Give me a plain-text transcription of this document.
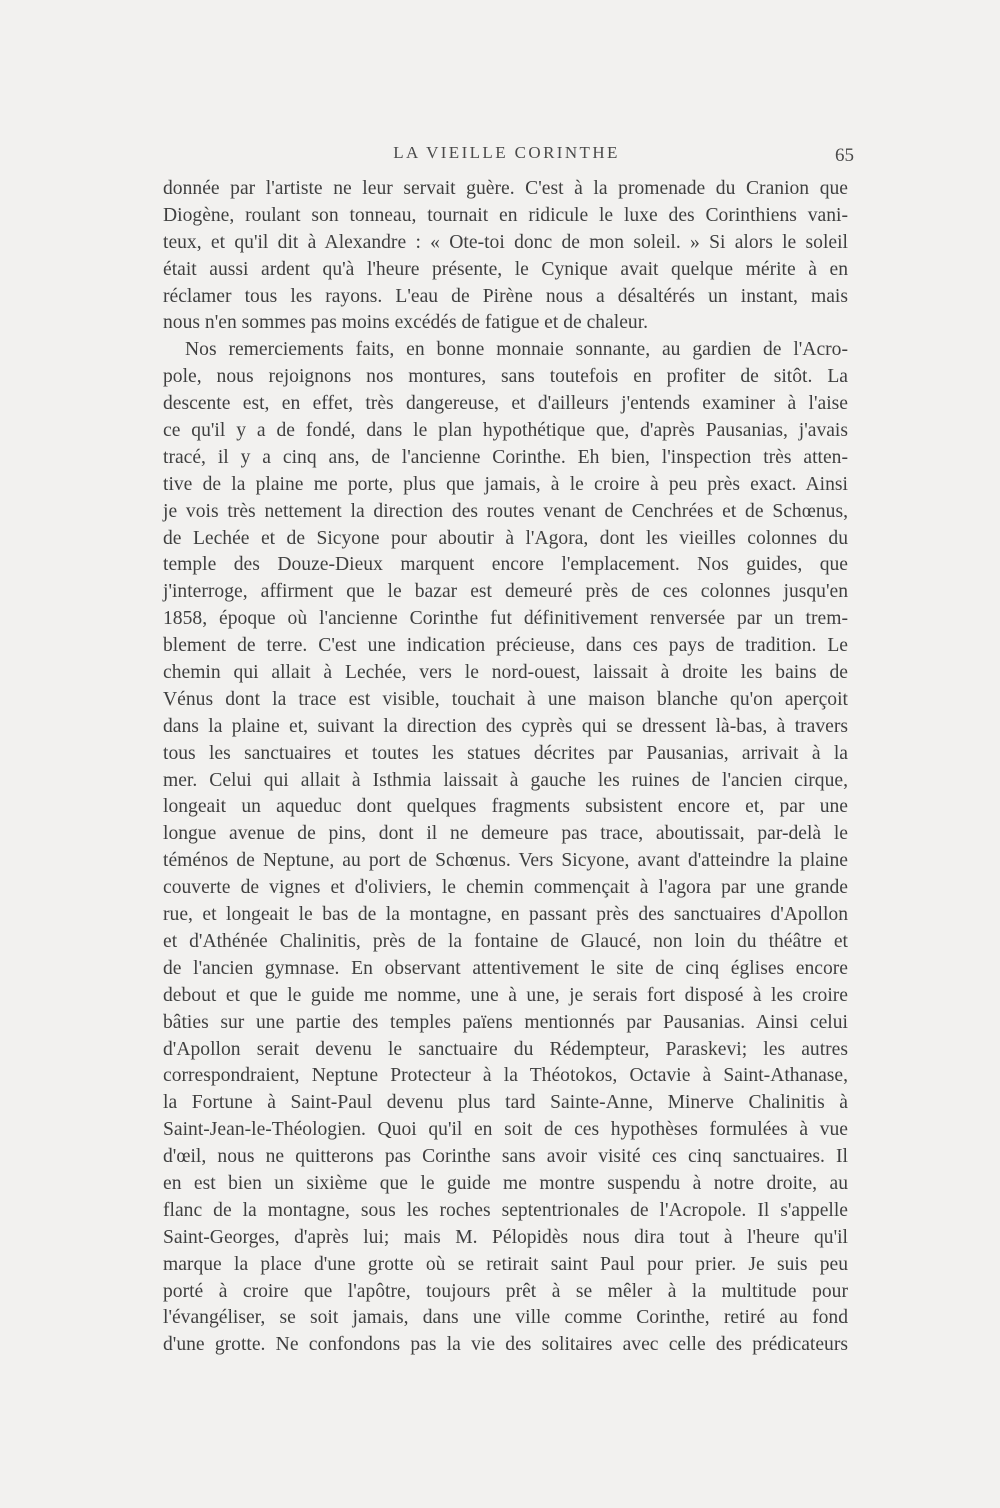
LA VIEILLE CORINTHE	65
donnée par l'artiste ne leur servait guère. C'est à la promenade du Cranion que
Diogène, roulant son tonneau, tournait en ridicule le luxe des Corinthiens vani-
teux, et qu'il dit à Alexandre : « Ote-toi donc de mon soleil. » Si alors le soleil
était aussi ardent qu'à l'heure présente, le Cynique avait quelque mérite à en
réclamer tous les rayons. L'eau de Pirène nous a désaltérés un instant, mais
nous n'en sommes pas moins excédés de fatigue et de chaleur.
Nos remerciements faits, en bonne monnaie sonnante, au gardien de l'Acro-
pole, nous rejoignons nos montures, sans toutefois en profiter de sitôt. La
descente est, en effet, très dangereuse, et d'ailleurs j'entends examiner à l'aise
ce qu'il y a de fondé, dans le plan hypothétique que, d'après Pausanias, j'avais
tracé, il y a cinq ans, de l'ancienne Corinthe. Eh bien, l'inspection très atten-
tive de la plaine me porte, plus que jamais, à le croire à peu près exact. Ainsi
je vois très nettement la direction des routes venant de Cenchrées et de Schœnus,
de Lechée et de Sicyone pour aboutir à l'Agora, dont les vieilles colonnes du
temple des Douze-Dieux marquent encore l'emplacement. Nos guides, que
j'interroge, affirment que le bazar est demeuré près de ces colonnes jusqu'en
1858, époque où l'ancienne Corinthe fut définitivement renversée par un trem-
blement de terre. C'est une indication précieuse, dans ces pays de tradition. Le
chemin qui allait à Lechée, vers le nord-ouest, laissait à droite les bains de
Vénus dont la trace est visible, touchait à une maison blanche qu'on aperçoit
dans la plaine et, suivant la direction des cyprès qui se dressent là-bas, à travers
tous les sanctuaires et toutes les statues décrites par Pausanias, arrivait à la
mer. Celui qui allait à Isthmia laissait à gauche les ruines de l'ancien cirque,
longeait un aqueduc dont quelques fragments subsistent encore et, par une
longue avenue de pins, dont il ne demeure pas trace, aboutissait, par-delà le
téménos de Neptune, au port de Schœnus. Vers Sicyone, avant d'atteindre la plaine
couverte de vignes et d'oliviers, le chemin commençait à l'agora par une grande
rue, et longeait le bas de la montagne, en passant près des sanctuaires d'Apollon
et d'Athénée Chalinitis, près de la fontaine de Glaucé, non loin du théâtre et
de l'ancien gymnase. En observant attentivement le site de cinq églises encore
debout et que le guide me nomme, une à une, je serais fort disposé à les croire
bâties sur une partie des temples païens mentionnés par Pausanias. Ainsi celui
d'Apollon serait devenu le sanctuaire du Rédempteur, Paraskevi; les autres
correspondraient, Neptune Protecteur à la Théotokos, Octavie à Saint-Athanase,
la Fortune à Saint-Paul devenu plus tard Sainte-Anne, Minerve Chalinitis à
Saint-Jean-le-Théologien. Quoi qu'il en soit de ces hypothèses formulées à vue
d'œil, nous ne quitterons pas Corinthe sans avoir visité ces cinq sanctuaires. Il
en est bien un sixième que le guide me montre suspendu à notre droite, au
flanc de la montagne, sous les roches septentrionales de l'Acropole. Il s'appelle
Saint-Georges, d'après lui; mais M. Pélopidès nous dira tout à l'heure qu'il
marque la place d'une grotte où se retirait saint Paul pour prier. Je suis peu
porté à croire que l'apôtre, toujours prêt à se mêler à la multitude pour
l'évangéliser, se soit jamais, dans une ville comme Corinthe, retiré au fond
d'une grotte. Ne confondons pas la vie des solitaires avec celle des prédicateurs
